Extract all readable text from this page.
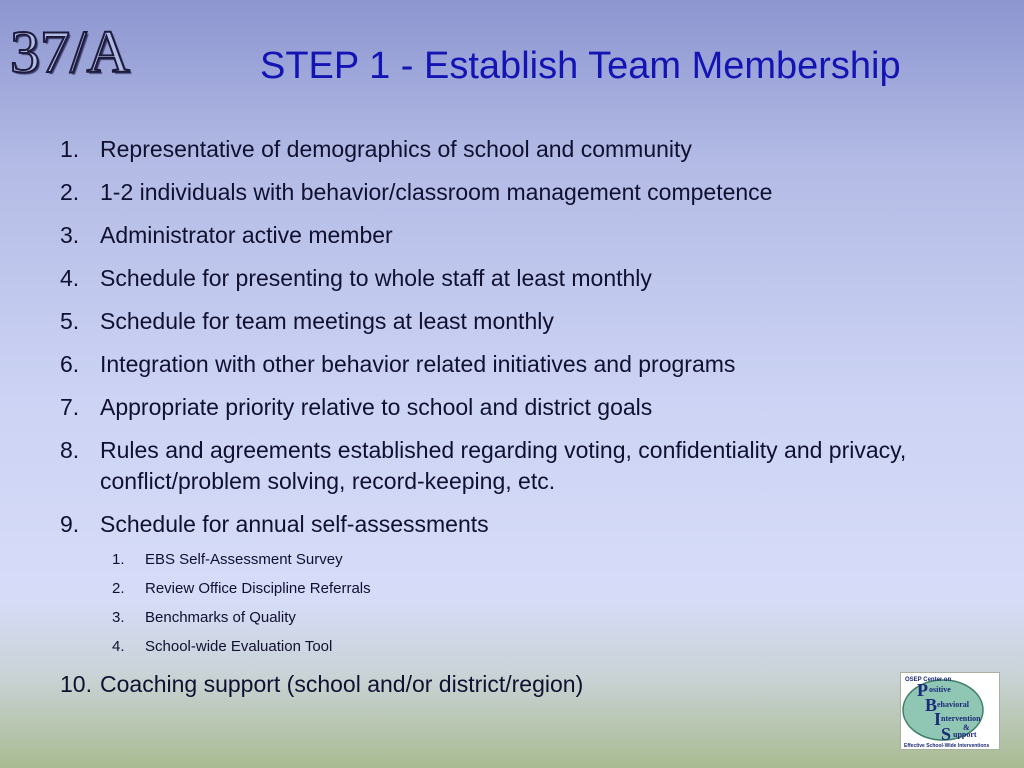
37/A	STEP 1 - Establish Team Membership
1. Representative of demographics of school and community
2. 1-2 individuals with behavior/classroom management competence
3. Administrator active member
4. Schedule for presenting to whole staff at least monthly
5. Schedule for team meetings at least monthly
6. Integration with other behavior related initiatives and programs
7. Appropriate priority relative to school and district goals
8. Rules and agreements established regarding voting, confidentiality and privacy, conflict/problem solving, record-keeping, etc.
9. Schedule for annual self-assessments
1. EBS Self-Assessment Survey
2. Review Office Discipline Referrals
3. Benchmarks of Quality
4. School-wide Evaluation Tool
10. Coaching support (school and/or district/region)	OSEP Center on
P ositive
B ehavioral
I ntervention
&
S upport
Effective School-Wide Interventions
